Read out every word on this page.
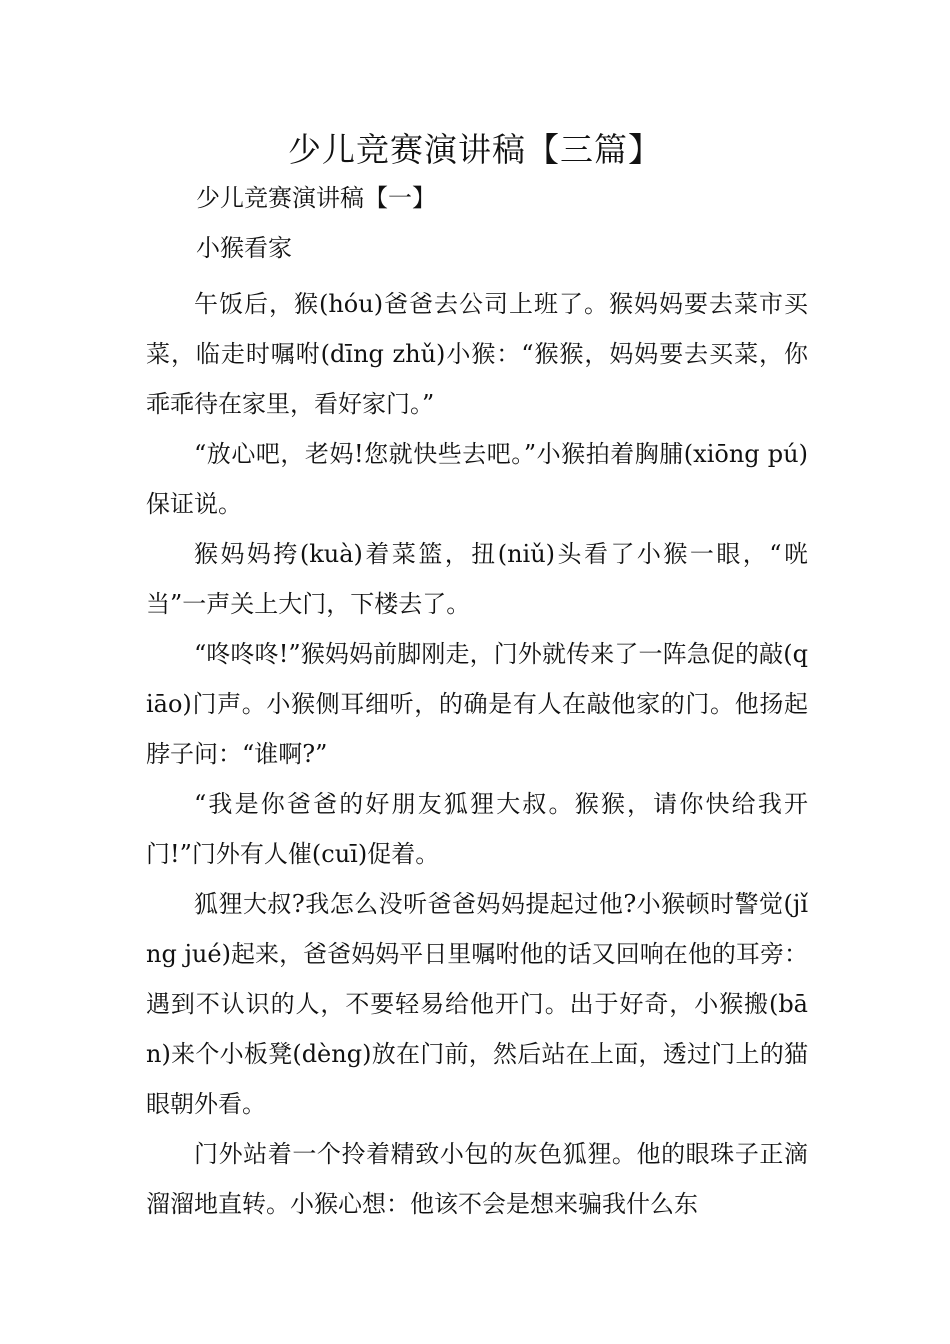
少儿竞赛演讲稿【三篇】
少儿竞赛演讲稿【一】
小猴看家

午饭后，猴(hóu)爸爸去公司上班了。猴妈妈要去菜市买菜，临走时嘱咐(dīng zhǔ)小猴：“猴猴，妈妈要去买菜，你乖乖待在家里，看好家门。”

“放心吧，老妈!您就快些去吧。”小猴拍着胸脯(xiōng pú)保证说。

猴妈妈挎(kuà)着菜篮，扭(niǔ)头看了小猴一眼，“咣当”一声关上大门，下楼去了。

“咚咚咚!”猴妈妈前脚刚走，门外就传来了一阵急促的敲(qiāo)门声。小猴侧耳细听，的确是有人在敲他家的门。他扬起脖子问：“谁啊?”

“我是你爸爸的好朋友狐狸大叔。猴猴，请你快给我开门!”门外有人催(cuī)促着。

狐狸大叔?我怎么没听爸爸妈妈提起过他?小猴顿时警觉(jǐng jué)起来，爸爸妈妈平日里嘱咐他的话又回响在他的耳旁：遇到不认识的人，不要轻易给他开门。出于好奇，小猴搬(bān)来个小板凳(dèng)放在门前，然后站在上面，透过门上的猫眼朝外看。

门外站着一个拎着精致小包的灰色狐狸。他的眼珠子正滴溜溜地直转。小猴心想：他该不会是想来骗我什么东
